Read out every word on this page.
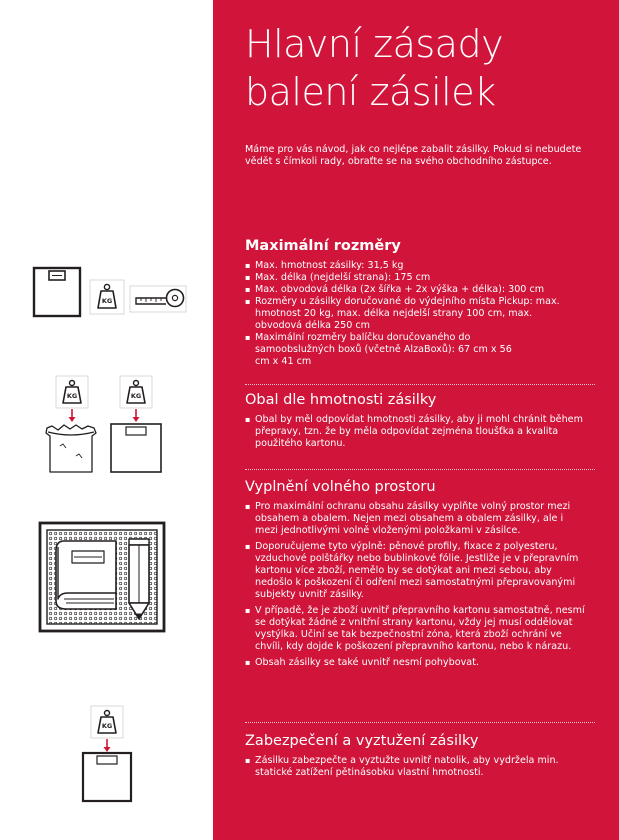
KG
KG	KG
KG
Hlavní zásady
balení zásilek

Máme pro vás návod, jak co nejlépe zabalit zásilky. Pokud si nebudete vědět s čímkoli rady, obraťte se na svého obchodního zástupce.

Maximální rozměry
▪ Max. hmotnost zásilky: 31,5 kg
▪ Max. délka (nejdelší strana): 175 cm
▪ Max. obvodová délka (2x šířka + 2x výška + délka): 300 cm
▪ Rozměry u zásilky doručované do výdejního místa Pickup: max. hmotnost 20 kg, max. délka nejdelší strany 100 cm, max. obvodová délka 250 cm
▪ Maximální rozměry balíčku doručovaného do samoobslužných boxů (včetně AlzaBoxů): 67 cm x 56 cm x 41 cm
Obal dle hmotnosti zásilky
▪ Obal by měl odpovídat hmotnosti zásilky, aby ji mohl chránit během přepravy, tzn. že by měla odpovídat zejména tloušťka a kvalita použitého kartonu.
Vyplnění volného prostoru
▪ Pro maximální ochranu obsahu zásilky vyplňte volný prostor mezi obsahem a obalem. Nejen mezi obsahem a obalem zásilky, ale i mezi jednotlivými volně vloženými položkami v zásilce.
▪ Doporučujeme tyto výplně: pěnové profily, fixace z polyesteru, vzduchové polštářky nebo bublinkové fólie. Jestliže je v přepravním kartonu více zboží, nemělo by se dotýkat ani mezi sebou, aby nedošlo k poškození či odření mezi samostatnými přepravovanými subjekty uvnitř zásilky.
▪ V případě, že je zboží uvnitř přepravního kartonu samostatně, nesmí se dotýkat žádné z vnitřní strany kartonu, vždy jej musí oddělovat vystýlka. Učiní se tak bezpečnostní zóna, která zboží ochrání ve chvíli, kdy dojde k poškození přepravního kartonu, nebo k nárazu.
▪ Obsah zásilky se také uvnitř nesmí pohybovat.
Zabezpečení a vyztužení zásilky
▪ Zásilku zabezpečte a vyztužte uvnitř natolik, aby vydržela min. statické zatížení pětinásobku vlastní hmotnosti.
